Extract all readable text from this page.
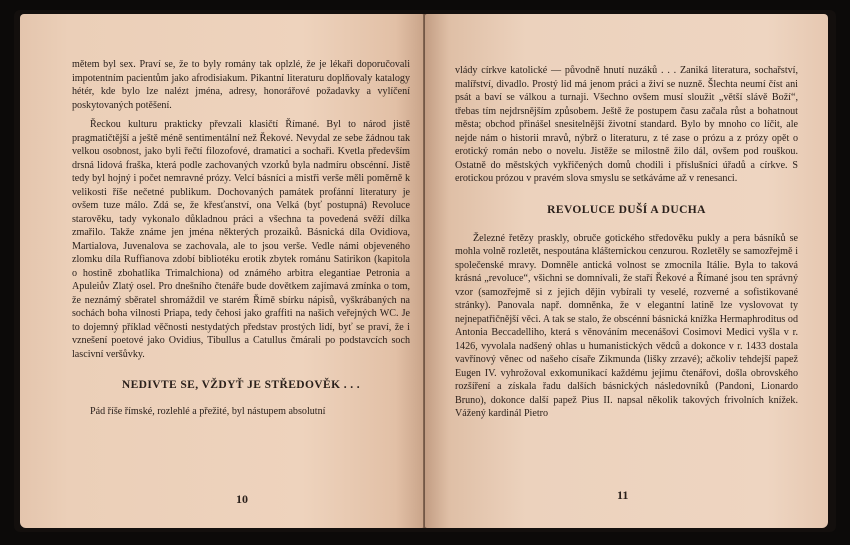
mětem byl sex. Praví se, že to byly romány tak oplzlé, že je lékaři doporučovali impotentním pacientům jako afrodisiakum. Pikantní literaturu doplňovaly katalogy hétér, kde bylo lze nalézt jména, adresy, honorářové požadavky a vylíčení poskytovaných potěšení.

Řeckou kulturu prakticky převzali klasičtí Římané. Byl to národ jistě pragmatičtější a ještě méně sentimentální než Řekové. Nevydal ze sebe žádnou tak velkou osobnost, jako byli řečtí filozofové, dramatici a sochaři. Kvetla především drsná lidová fraška, která podle zachovaných vzorků byla nadmíru obscénní. Jistě tedy byl hojný i počet nemravné prózy. Velcí básníci a mistři verše měli poměrně k velikosti říše nečetné publikum. Dochovaných památek profánní literatury je ovšem tuze málo. Zdá se, že křesťanství, ona Velká (byť postupná) Revoluce starověku, tady vykonalo důkladnou práci a všechna ta povedená svěží dílka zmařilo. Takže známe jen jména některých prozaiků. Básnická díla Ovidiova, Martialova, Juvenalova se zachovala, ale to jsou verše. Vedle námi objeveného zlomku díla Ruffianova zdobí bibliotéku erotik zbytek románu Satirikon (kapitola o hostině zbohatlíka Trimalchiona) od známého arbitra elegantiae Petronia a Apuleiův Zlatý osel. Pro dnešního čtenáře bude dovětkem zajímavá zmínka o tom, že neznámý sběratel shromáždil ve starém Římě sbírku nápisů, vyškrábaných na sochách boha vilnosti Priapa, tedy čehosi jako graffiti na našich veřejných WC. Je to dojemný příklad věčnosti nestydatých představ prostých lidí, byť se praví, že i vznešení poetové jako Ovidius, Tibullus a Catullus čmárali po podstavcích soch lascivní veršůvky.

NEDIVTE SE, VŽDYŤ JE STŘEDOVĚK . . .

Pád říše římské, rozlehlé a přežité, byl nástupem absolutní

10

vlády církve katolické — původně hnutí nuzáků . . . Zaniká literatura, sochařství, malířství, divadlo. Prostý lid má jenom práci a živí se nuzně. Šlechta neumí číst ani psát a baví se válkou a turnaji. Všechno ovšem musí sloužit „větší slávě Boží“, třebas tím nejdrsnějším způsobem. Ještě že postupem času začala růst a bohatnout města; obchod přinášel snesitelnější životní standard. Bylo by mnoho co líčit, ale nejde nám o historii mravů, nýbrž o literaturu, z té zase o prózu a z prózy opět o erotický román nebo o novelu. Jistěže se milostně žilo dál, ovšem pod rouškou. Ostatně do městských vykřičených domů chodili i příslušníci úřadů a církve. S erotickou prózou v pravém slova smyslu se setkáváme až v renesanci.

REVOLUCE DUŠÍ A DUCHA

Železné řetězy praskly, obruče gotického středověku pukly a pera básníků se mohla volně rozletět, nespoutána klášternickou cenzurou. Rozletěly se samozřejmě i společenské mravy. Domněle antická volnost se zmocnila Itálie. Byla to taková krásná „revoluce“, všichni se domnívali, že staří Řekové a Římané jsou ten správný vzor (samozřejmě si z jejich dějin vybírali ty veselé, rozverné a sofistikované stránky). Panovala např. domněnka, že v elegantní latině lze vyslovovat ty nejnepatřičnější věci. A tak se stalo, že obscénní básnická knížka Hermaphroditus od Antonia Beccadelliho, která s věnováním mecenášovi Cosimovi Medici vyšla v r. 1426, vyvolala nadšený ohlas u humanistických vědců a dokonce v r. 1433 dostala vavřínový věnec od našeho císaře Zikmunda (lišky zrzavé); ačkoliv tehdejší papež Eugen IV. vyhrožoval exkomunikací každému jejímu čtenářovi, došla obrovského rozšíření a získala řadu dalších básnických následovníků (Pandoni, Lionardo Bruno), dokonce další papež Pius II. napsal několik takových frivolních knížek. Vážený kardinál Pietro

11
